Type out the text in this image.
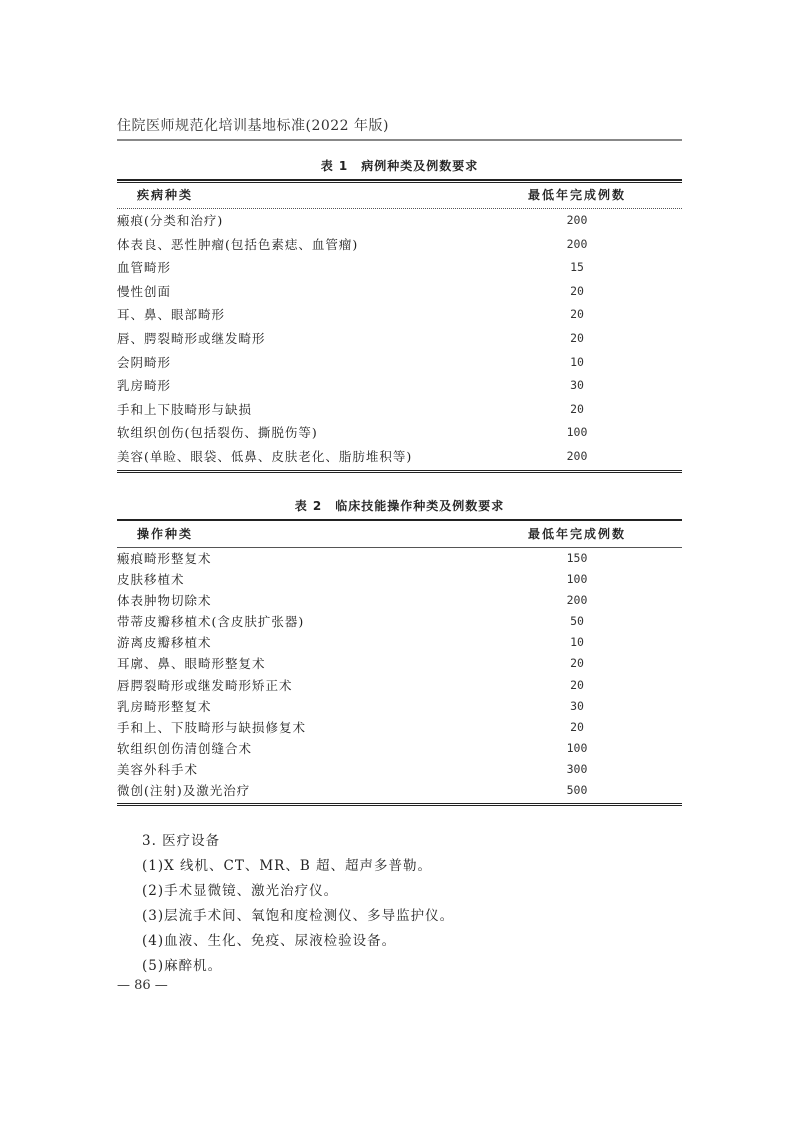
住院医师规范化培训基地标准(2022 年版)
表 1　病例种类及例数要求
疾病种类	最低年完成例数
瘢痕(分类和治疗)	200
体表良、恶性肿瘤(包括色素痣、血管瘤)	200
血管畸形	15
慢性创面	20
耳、鼻、眼部畸形	20
唇、腭裂畸形或继发畸形	20
会阴畸形	10
乳房畸形	30
手和上下肢畸形与缺损	20
软组织创伤(包括裂伤、撕脱伤等)	100
美容(单睑、眼袋、低鼻、皮肤老化、脂肪堆积等)	200
表 2　临床技能操作种类及例数要求
操作种类	最低年完成例数
瘢痕畸形整复术	150
皮肤移植术	100
体表肿物切除术	200
带蒂皮瓣移植术(含皮肤扩张器)	50
游离皮瓣移植术	10
耳廓、鼻、眼畸形整复术	20
唇腭裂畸形或继发畸形矫正术	20
乳房畸形整复术	30
手和上、下肢畸形与缺损修复术	20
软组织创伤清创缝合术	100
美容外科手术	300
微创(注射)及激光治疗	500
3. 医疗设备
(1)X 线机、CT、MR、B 超、超声多普勒。
(2)手术显微镜、激光治疗仪。
(3)层流手术间、氧饱和度检测仪、多导监护仪。
(4)血液、生化、免疫、尿液检验设备。
(5)麻醉机。
— 86 —
